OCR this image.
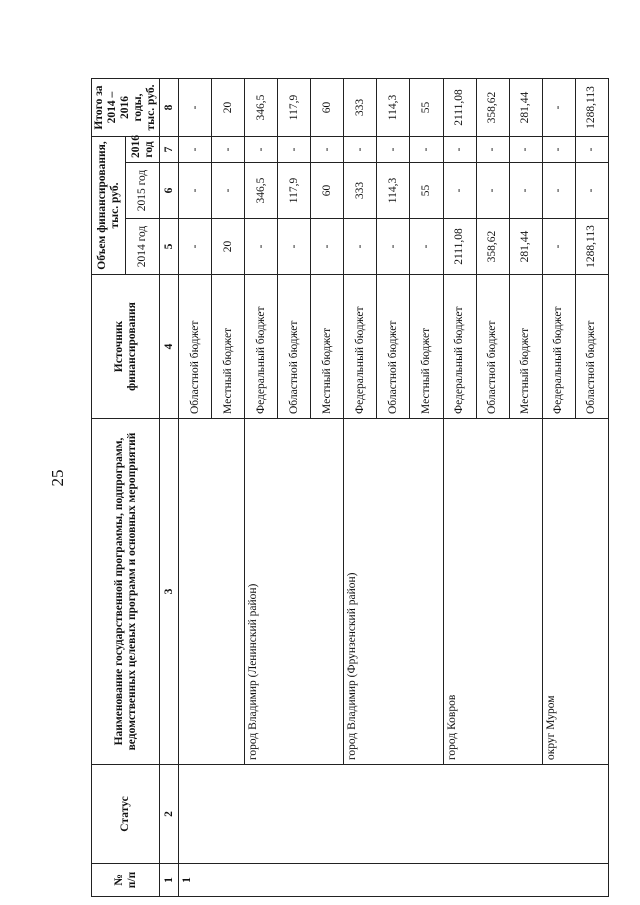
25
№
п/п	Статус	Наименование государственной программы, подпрограмм, ведомственных целевых программ и основных мероприятий	Источник финансирования	Объем финансирования, тыс. руб.			Итого за 2014 – 2016 годы, тыс. руб.
				2014 год	2015 год	2016 год	
1	2	3	4	5	6	7	8
1			Областной бюджет	-	-	-	-
			Местный бюджет	20	-	-	20
		город Владимир (Ленинский район)	Федеральный бюджет	-	346,5	-	346,5
			Областной бюджет	-	117,9	-	117,9
			Местный бюджет	-	60	-	60
		город Владимир (Фрунзенский район)	Федеральный бюджет	-	333	-	333
			Областной бюджет	-	114,3	-	114,3
			Местный бюджет	-	55	-	55
		город Ковров	Федеральный бюджет	2111,08	-	-	2111,08
			Областной бюджет	358,62	-	-	358,62
			Местный бюджет	281,44	-	-	281,44
		округ Муром	Федеральный бюджет	-	-	-	-
			Областной бюджет	1288,113	-	-	1288,113
